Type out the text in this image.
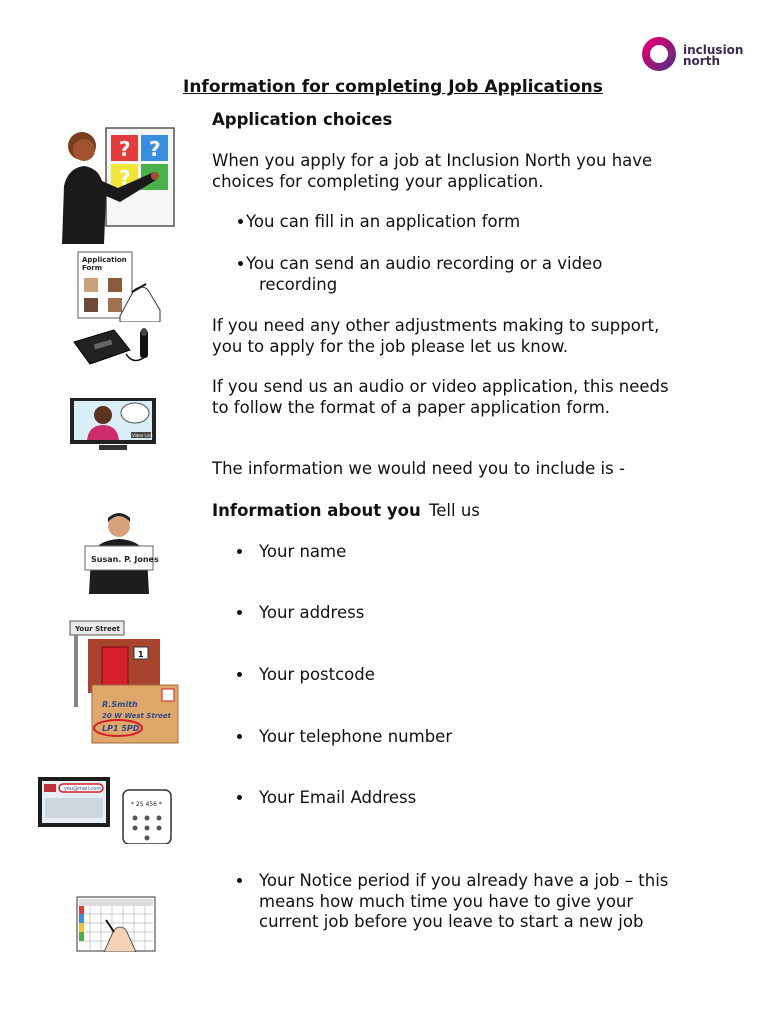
inclusion
north
Information for completing Job Applications
Application choices
When you apply for a job at Inclusion North you have
choices for completing your application.
You can fill in an application form
You can send an audio recording or a video
recording
If you need any other adjustments making to support,
you to apply for the job please let us know.
If you send us an audio or video application, this needs
to follow the format of a paper application form.
The information we would need you to include is -
Information about you Tell us
Your name
Your address
Your postcode
Your telephone number
Your Email Address
Your Notice period if you already have a job – this
means how much time you have to give your
current job before you leave to start a new job
? ?
?
Application
Form
Video Link
Susan. P. Jones
Your Street
1
R.Smith
20 W West Street
LP1 5PD
you@mail.com
* 25 456 *
